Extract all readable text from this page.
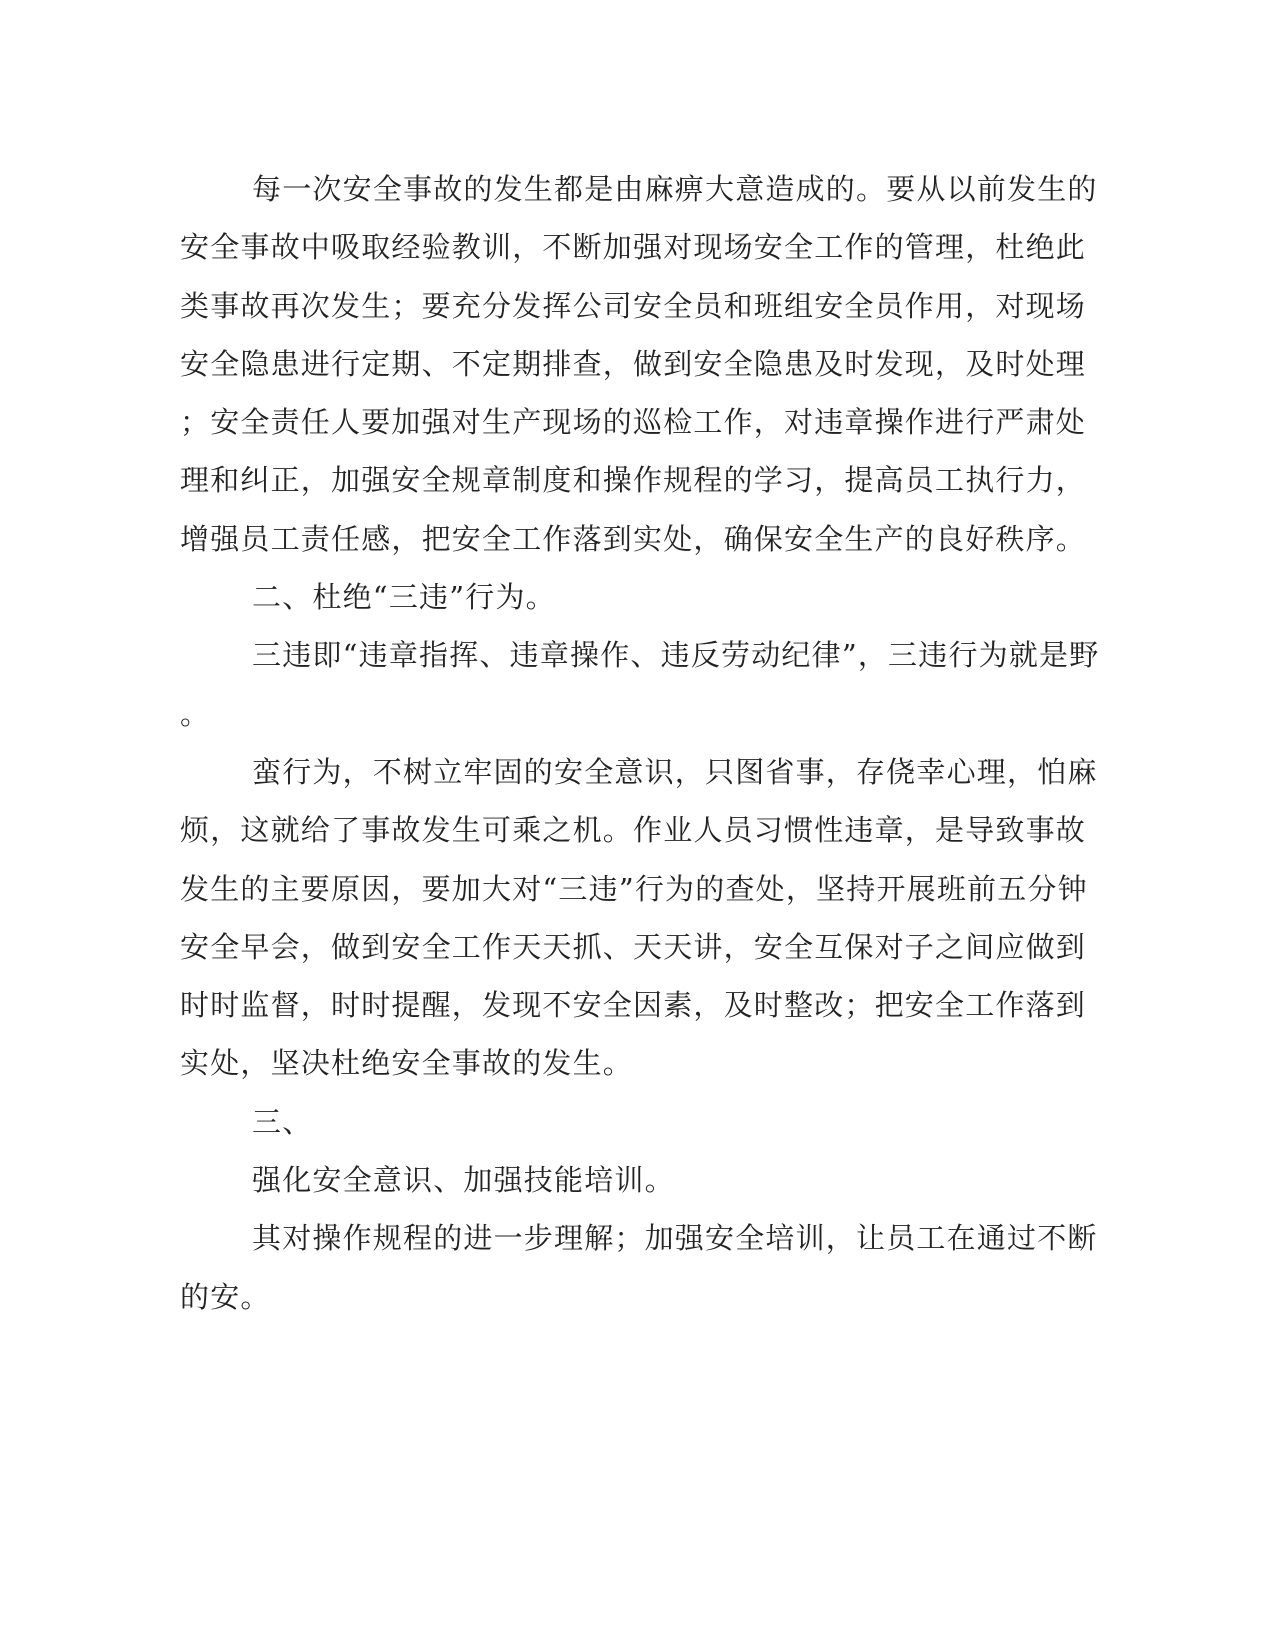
每一次安全事故的发生都是由麻痹大意造成的。要从以前发生的
安全事故中吸取经验教训，不断加强对现场安全工作的管理，杜绝此
类事故再次发生；要充分发挥公司安全员和班组安全员作用，对现场
安全隐患进行定期、不定期排查，做到安全隐患及时发现，及时处理
；安全责任人要加强对生产现场的巡检工作，对违章操作进行严肃处
理和纠正，加强安全规章制度和操作规程的学习，提高员工执行力，
增强员工责任感，把安全工作落到实处，确保安全生产的良好秩序。
二、杜绝“三违”行为。
三违即“违章指挥、违章操作、违反劳动纪律”，三违行为就是野
。
蛮行为，不树立牢固的安全意识，只图省事，存侥幸心理，怕麻
烦，这就给了事故发生可乘之机。作业人员习惯性违章，是导致事故
发生的主要原因，要加大对“三违”行为的查处，坚持开展班前五分钟
安全早会，做到安全工作天天抓、天天讲，安全互保对子之间应做到
时时监督，时时提醒，发现不安全因素，及时整改；把安全工作落到
实处，坚决杜绝安全事故的发生。
三、
强化安全意识、加强技能培训。
其对操作规程的进一步理解；加强安全培训，让员工在通过不断
的安。
